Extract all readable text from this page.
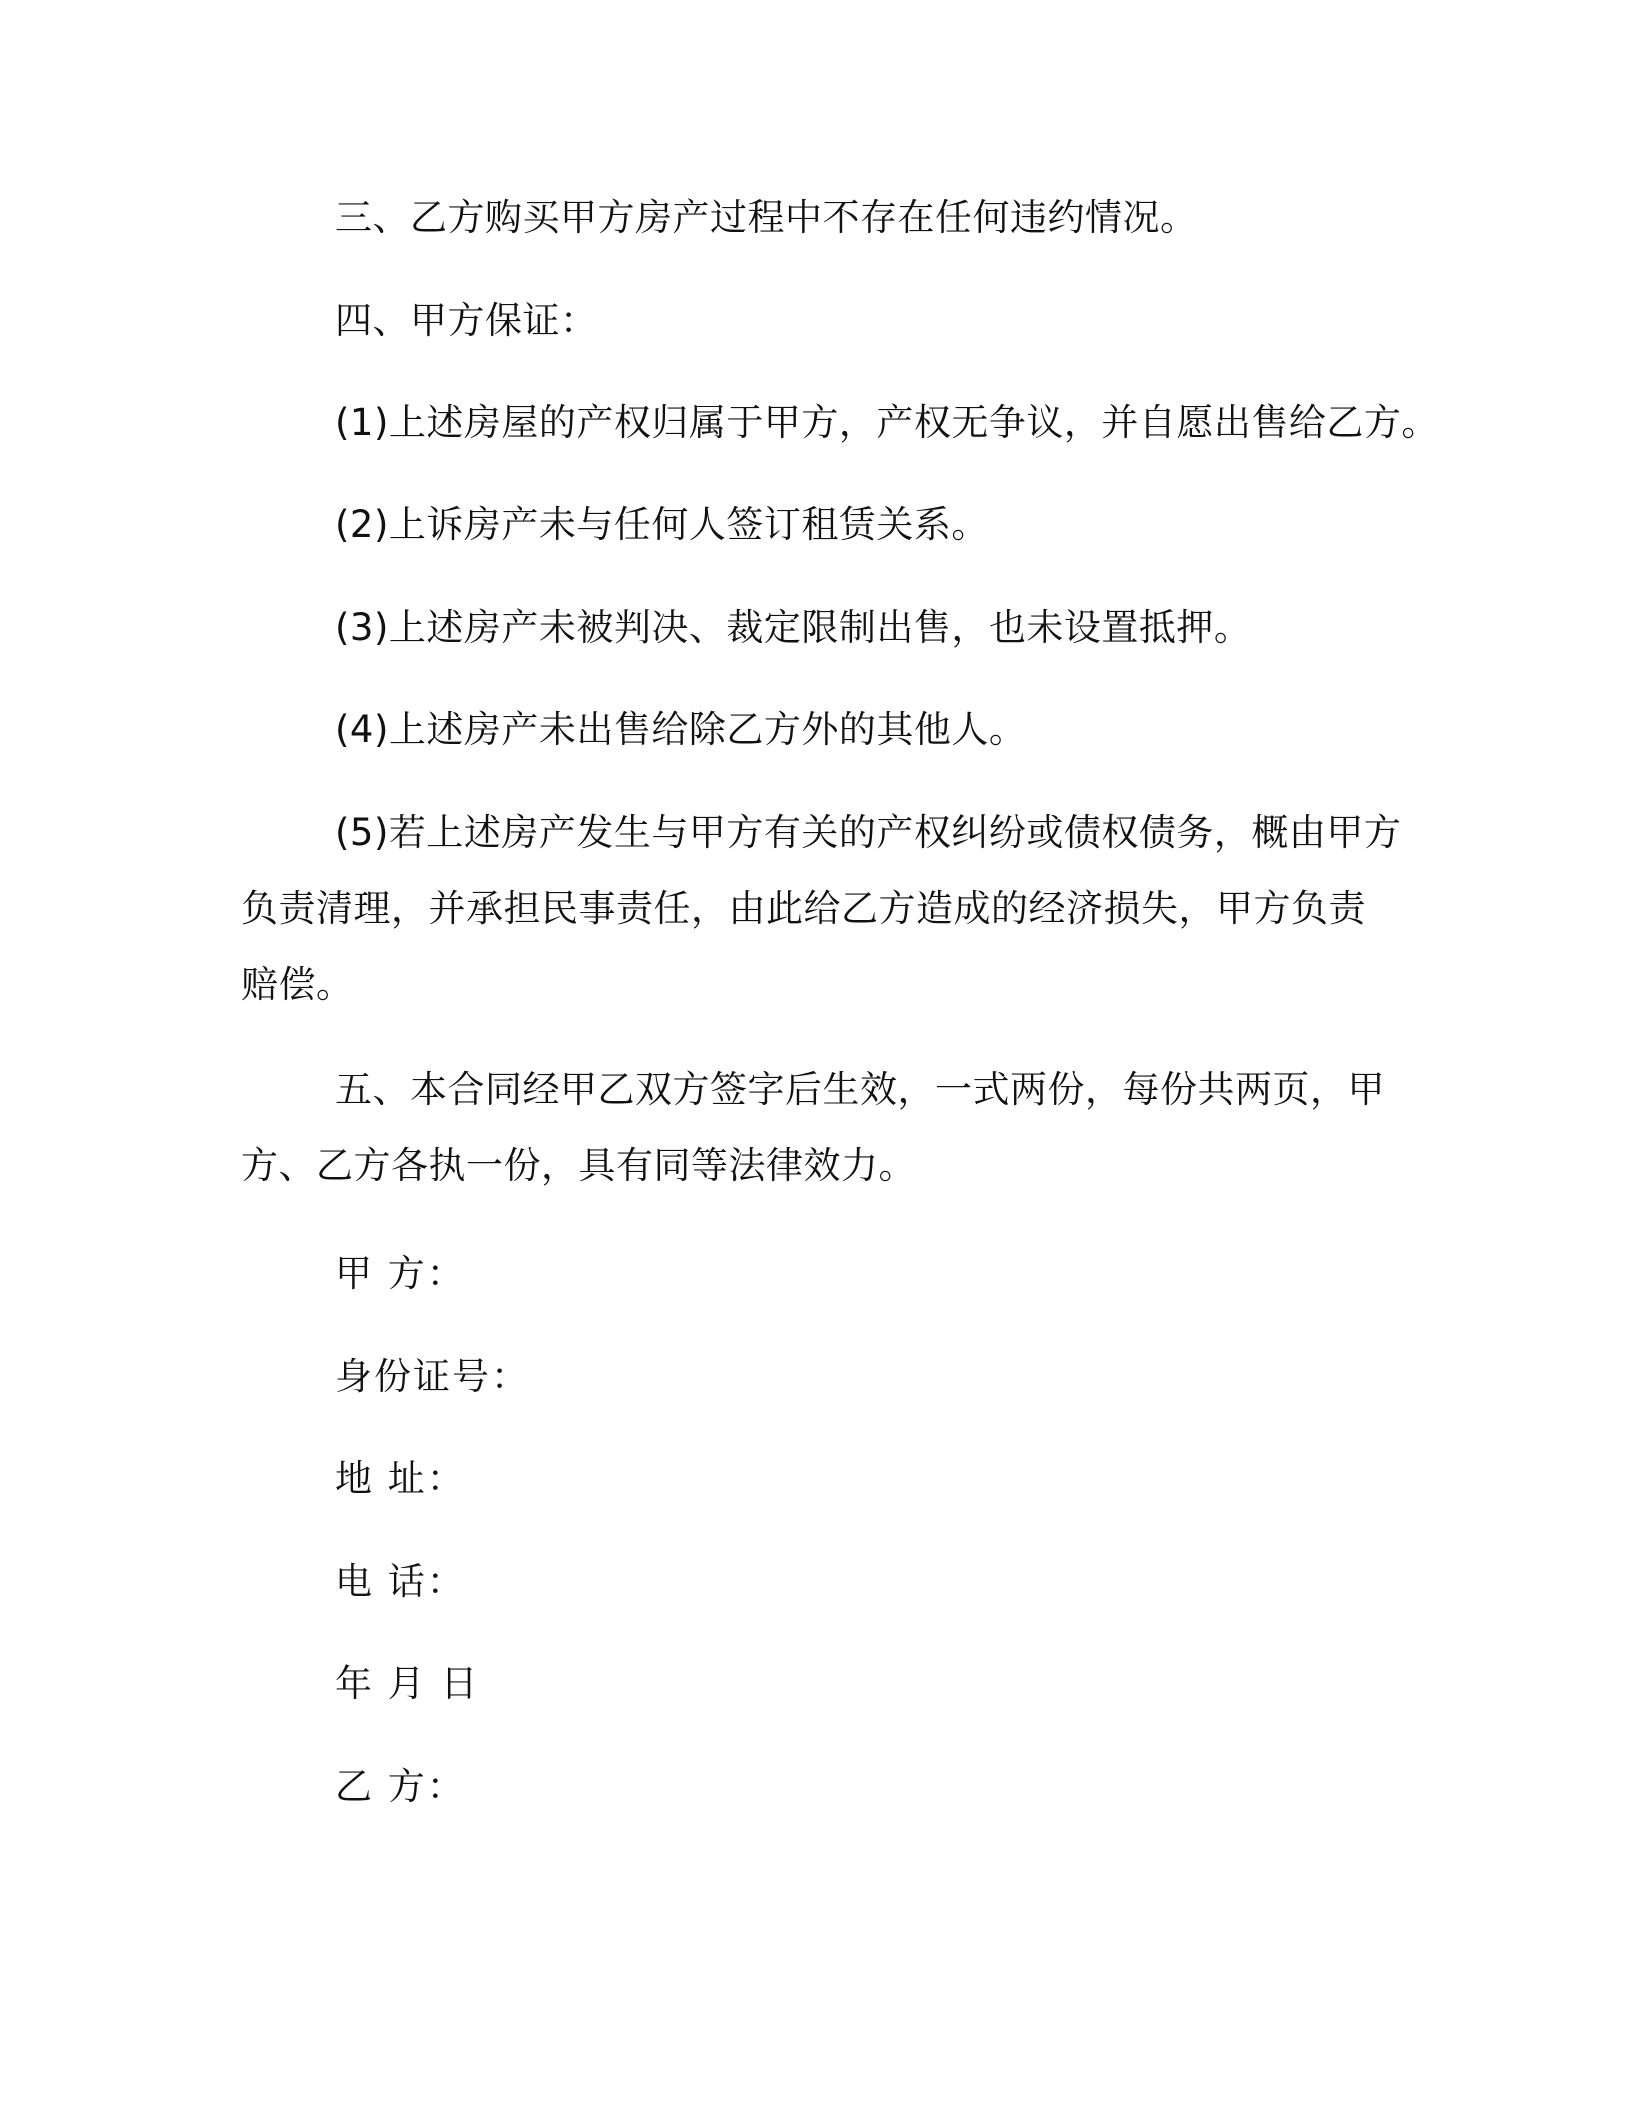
三、乙方购买甲方房产过程中不存在任何违约情况。
四、甲方保证：
(1)上述房屋的产权归属于甲方，产权无争议，并自愿出售给乙方。
(2)上诉房产未与任何人签订租赁关系。
(3)上述房产未被判决、裁定限制出售，也未设置抵押。
(4)上述房产未出售给除乙方外的其他人。
(5)若上述房产发生与甲方有关的产权纠纷或债权债务，概由甲方
负责清理，并承担民事责任，由此给乙方造成的经济损失，甲方负责
赔偿。
五、本合同经甲乙双方签字后生效，一式两份，每份共两页，甲
方、乙方各执一份，具有同等法律效力。
甲 方：
身份证号：
地 址：
电 话：
年 月 日
乙 方：
